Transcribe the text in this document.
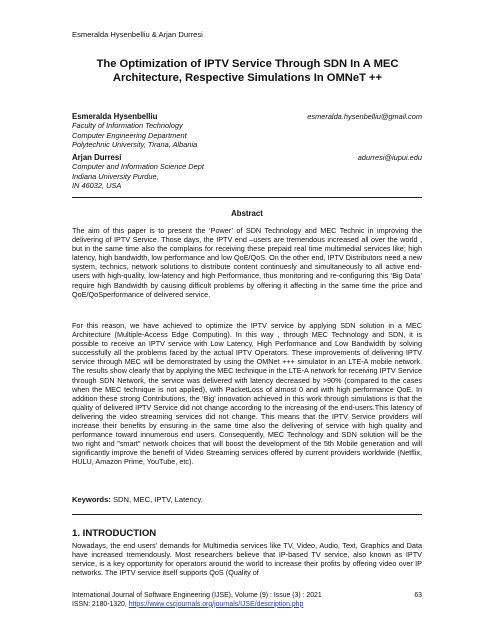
Esmeralda Hysenbelliu & Arjan Durresi
The Optimization of IPTV Service Through SDN In A MEC
Architecture, Respective Simulations In OMNeT ++
Esmeralda Hysenbelliu	esmeralda.hysenbelliu@gmail.com
Faculty of Information Technology
Computer Engineering Department
Polytechnic University, Tirana, Albania
Arjan Durresi	adurresi@iupui.edu
Computer and Information Science Dept
Indiana University Purdue,
IN 46032, USA
Abstract

The aim of this paper is to present the ‘Power’ of SDN Technology and MEC Technic in improving the delivering of IPTV Service. Those days, the IPTV end –users are tremendous increased all over the world , but in the same time also the complains for receiving these prepaid real time multimedial services like; high latency, high bandwidth, low performance and low QoE/QoS. On the other end, IPTV Distributors need a new system, technics, network solutions to distribute content continuesly and simultaneously to all active end-users with high-quality, low-latency and high Performance, thus monitoring and re-configuring this ‘Big Data’ require high Bandwidth by causing difficult problems by offering it affecting in the same time the price and QoE/QoSperformance of delivered service.

For this reason, we have achieved to optimize the IPTV service by applying SDN solution in a MEC Architecture (Multiple-Access Edge Computing). In this way , through MEC Technology and SDN, it is possible to receive an IPTV service with Low Latency, High Performance and Low Bandwidth by solving successfully all the problems faced by the actual IPTV Operators. These improvements of delivering IPTV service through MEC will be demonstrated by using the OMNet +++ simulator in an LTE-A mobile network. The results show clearly that by applying the MEC technique in the LTE-A network for receiving IPTV Service through SDN Network, the service was delivered with latency decreased by >90% (compared to the cases when the MEC technique is not applied), with PacketLoss of almost 0 and with high performance QoE. In addition these strong Contributions, the ‘Big’ innovation achieved in this work through simulations is that the quality of delivered IPTV Service did not change according to the increasing of the end-users.This latency of delivering the video streaming services did not change. This means that the IPTV Service providers will increase their benefits by ensuring in the same time also the delivering of service with high quality and performance toward innumerous end users. Consequently, MEC Technology and SDN solution will be the two right and "smart" network choices that will boost the development of the 5th Mobile generation and will significantly improve the benefit of Video Streaming services offered by current providers worldwide (Netflix, HULU, Amazon Prime, YouTube, etc).

Keywords: SDN, MEC, IPTV, Latency.
1. INTRODUCTION

Nowadays, the end users’ demands for Multimedia services like TV, Video, Audio, Text, Graphics and Data have increased tremendously. Most researchers believe that IP-based TV service, also known as IPTV service, is a key opportunity for operators around the world to increase their profits by offering video over IP networks. The IPTV service itself supports QoS (Quality of

International Journal of Software Engineering (IJSE), Volume (9) : Issue (3) : 2021	63
ISSN: 2180-1320, https://www.cscjournals.org/journals/IJSE/description.php
